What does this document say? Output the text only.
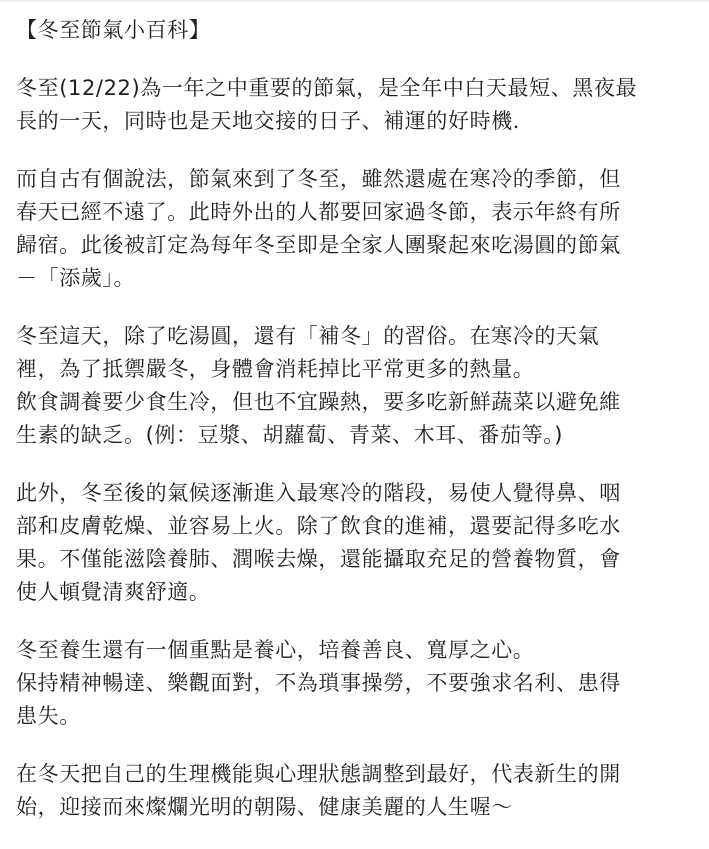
【冬至節氣小百科】
冬至(12/22)為一年之中重要的節氣，是全年中白天最短、黑夜最
長的一天，同時也是天地交接的日子、補運的好時機．
而自古有個說法，節氣來到了冬至，雖然還處在寒冷的季節，但
春天已經不遠了。此時外出的人都要回家過冬節，表示年終有所
歸宿。此後被訂定為每年冬至即是全家人團聚起來吃湯圓的節氣
－「添歲」。
冬至這天，除了吃湯圓，還有「補冬」的習俗。在寒冷的天氣
裡，為了抵禦嚴冬，身體會消耗掉比平常更多的熱量。
飲食調養要少食生冷，但也不宜躁熱，要多吃新鮮蔬菜以避免維
生素的缺乏。(例：豆漿、胡蘿蔔、青菜、木耳、番茄等。)
此外，冬至後的氣候逐漸進入最寒冷的階段，易使人覺得鼻、咽
部和皮膚乾燥、並容易上火。除了飲食的進補，還要記得多吃水
果。不僅能滋陰養肺、潤喉去燥，還能攝取充足的營養物質，會
使人頓覺清爽舒適。
冬至養生還有一個重點是養心，培養善良、寬厚之心。
保持精神暢達、樂觀面對，不為瑣事操勞，不要強求名利、患得
患失。
在冬天把自己的生理機能與心理狀態調整到最好，代表新生的開
始，迎接而來燦爛光明的朝陽、健康美麗的人生喔～
